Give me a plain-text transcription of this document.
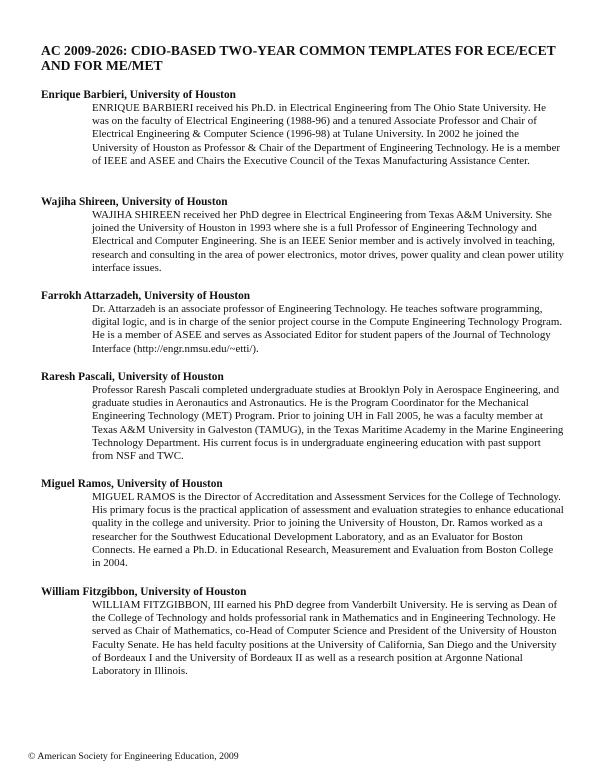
AC 2009-2026: CDIO-BASED TWO-YEAR COMMON TEMPLATES FOR ECE/ECET AND FOR ME/MET

Enrique Barbieri, University of Houston

ENRIQUE BARBIERI received his Ph.D. in Electrical Engineering from The Ohio State University. He was on the faculty of Electrical Engineering (1988-96) and a tenured Associate Professor and Chair of Electrical Engineering & Computer Science (1996-98) at Tulane University. In 2002 he joined the University of Houston as Professor & Chair of the Department of Engineering Technology. He is a member of IEEE and ASEE and Chairs the Executive Council of the Texas Manufacturing Assistance Center.

Wajiha Shireen, University of Houston

WAJIHA SHIREEN received her PhD degree in Electrical Engineering from Texas A&M University. She joined the University of Houston in 1993 where she is a full Professor of Engineering Technology and Electrical and Computer Engineering. She is an IEEE Senior member and is actively involved in teaching, research and consulting in the area of power electronics, motor drives, power quality and clean power utility interface issues.

Farrokh Attarzadeh, University of Houston

Dr. Attarzadeh is an associate professor of Engineering Technology. He teaches software programming, digital logic, and is in charge of the senior project course in the Compute Engineering Technology Program. He is a member of ASEE and serves as Associated Editor for student papers of the Journal of Technology Interface (http://engr.nmsu.edu/~etti/).

Raresh Pascali, University of Houston

Professor Raresh Pascali completed undergraduate studies at Brooklyn Poly in Aerospace Engineering, and graduate studies in Aeronautics and Astronautics. He is the Program Coordinator for the Mechanical Engineering Technology (MET) Program. Prior to joining UH in Fall 2005, he was a faculty member at Texas A&M University in Galveston (TAMUG), in the Texas Maritime Academy in the Marine Engineering Technology Department. His current focus is in undergraduate engineering education with past support from NSF and TWC.

Miguel Ramos, University of Houston

MIGUEL RAMOS is the Director of Accreditation and Assessment Services for the College of Technology. His primary focus is the practical application of assessment and evaluation strategies to enhance educational quality in the college and university. Prior to joining the University of Houston, Dr. Ramos worked as a researcher for the Southwest Educational Development Laboratory, and as an Evaluator for Boston Connects. He earned a Ph.D. in Educational Research, Measurement and Evaluation from Boston College in 2004.

William Fitzgibbon, University of Houston

WILLIAM FITZGIBBON, III earned his PhD degree from Vanderbilt University. He is serving as Dean of the College of Technology and holds professorial rank in Mathematics and in Engineering Technology. He served as Chair of Mathematics, co-Head of Computer Science and President of the University of Houston Faculty Senate. He has held faculty positions at the University of California, San Diego and the University of Bordeaux I and the University of Bordeaux II as well as a research position at Argonne National Laboratory in Illinois.

© American Society for Engineering Education, 2009
